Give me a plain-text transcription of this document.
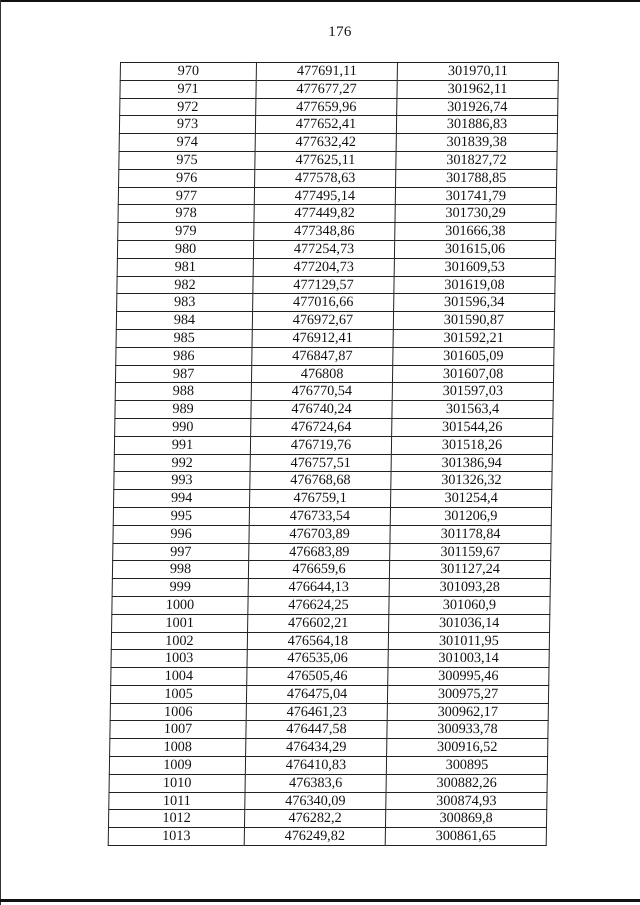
176
970	477691,11	301970,11
971	477677,27	301962,11
972	477659,96	301926,74
973	477652,41	301886,83
974	477632,42	301839,38
975	477625,11	301827,72
976	477578,63	301788,85
977	477495,14	301741,79
978	477449,82	301730,29
979	477348,86	301666,38
980	477254,73	301615,06
981	477204,73	301609,53
982	477129,57	301619,08
983	477016,66	301596,34
984	476972,67	301590,87
985	476912,41	301592,21
986	476847,87	301605,09
987	476808	301607,08
988	476770,54	301597,03
989	476740,24	301563,4
990	476724,64	301544,26
991	476719,76	301518,26
992	476757,51	301386,94
993	476768,68	301326,32
994	476759,1	301254,4
995	476733,54	301206,9
996	476703,89	301178,84
997	476683,89	301159,67
998	476659,6	301127,24
999	476644,13	301093,28
1000	476624,25	301060,9
1001	476602,21	301036,14
1002	476564,18	301011,95
1003	476535,06	301003,14
1004	476505,46	300995,46
1005	476475,04	300975,27
1006	476461,23	300962,17
1007	476447,58	300933,78
1008	476434,29	300916,52
1009	476410,83	300895
1010	476383,6	300882,26
1011	476340,09	300874,93
1012	476282,2	300869,8
1013	476249,82	300861,65
